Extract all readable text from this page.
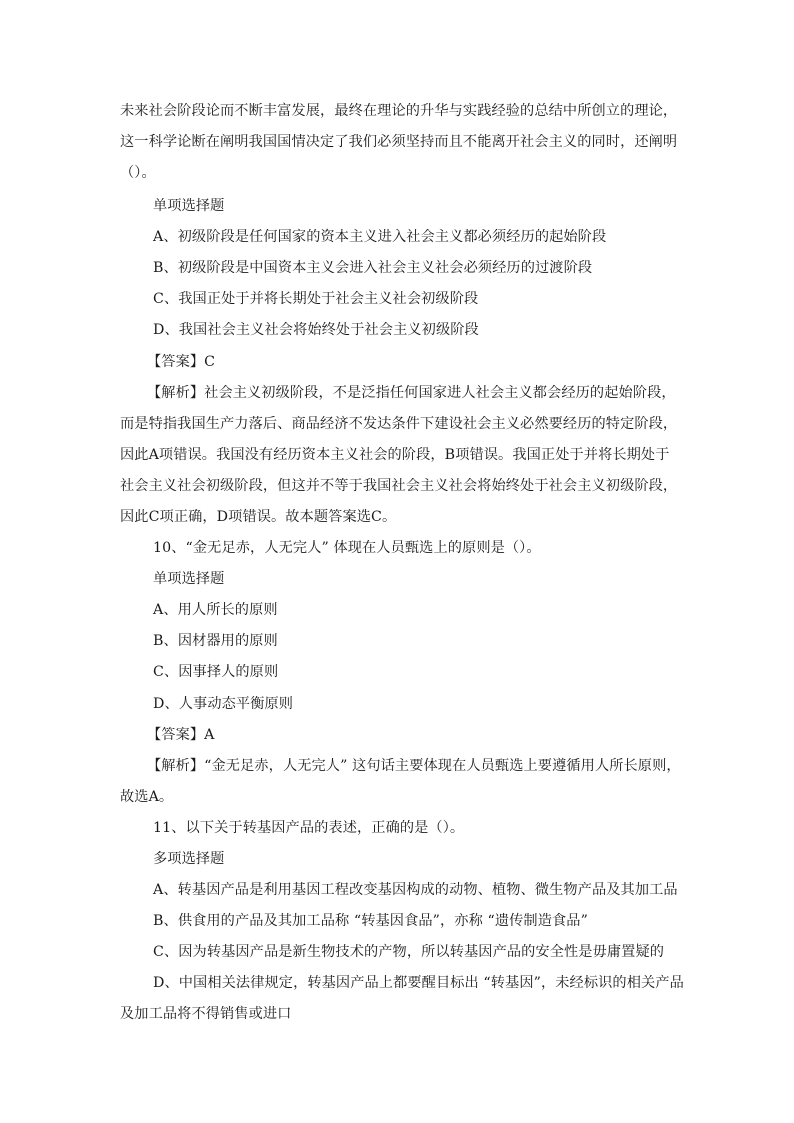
未来社会阶段论而不断丰富发展，最终在理论的升华与实践经验的总结中所创立的理论，
这一科学论断在阐明我国国情决定了我们必须坚持而且不能离开社会主义的同时，还阐明
（）。
单项选择题
A、初级阶段是任何国家的资本主义进入社会主义都必须经历的起始阶段
B、初级阶段是中国资本主义会进入社会主义社会必须经历的过渡阶段
C、我国正处于并将长期处于社会主义社会初级阶段
D、我国社会主义社会将始终处于社会主义初级阶段
【答案】C
【解析】社会主义初级阶段，不是泛指任何国家进人社会主义都会经历的起始阶段，
而是特指我国生产力落后、商品经济不发达条件下建设社会主义必然要经历的特定阶段，
因此A项错误。我国没有经历资本主义社会的阶段，B项错误。我国正处于并将长期处于
社会主义社会初级阶段，但这并不等于我国社会主义社会将始终处于社会主义初级阶段，
因此C项正确，D项错误。故本题答案选C。
10、“金无足赤，人无完人” 体现在人员甄选上的原则是（）。
单项选择题
A、用人所长的原则
B、因材器用的原则
C、因事择人的原则
D、人事动态平衡原则
【答案】A
【解析】“金无足赤，人无完人” 这句话主要体现在人员甄选上要遵循用人所长原则，
故选A。
11、以下关于转基因产品的表述，正确的是（）。
多项选择题
A、转基因产品是利用基因工程改变基因构成的动物、植物、微生物产品及其加工品
B、供食用的产品及其加工品称 “转基因食品”，亦称 “遗传制造食品”
C、因为转基因产品是新生物技术的产物，所以转基因产品的安全性是毋庸置疑的
D、中国相关法律规定，转基因产品上都要醒目标出 “转基因”，未经标识的相关产品
及加工品将不得销售或进口
